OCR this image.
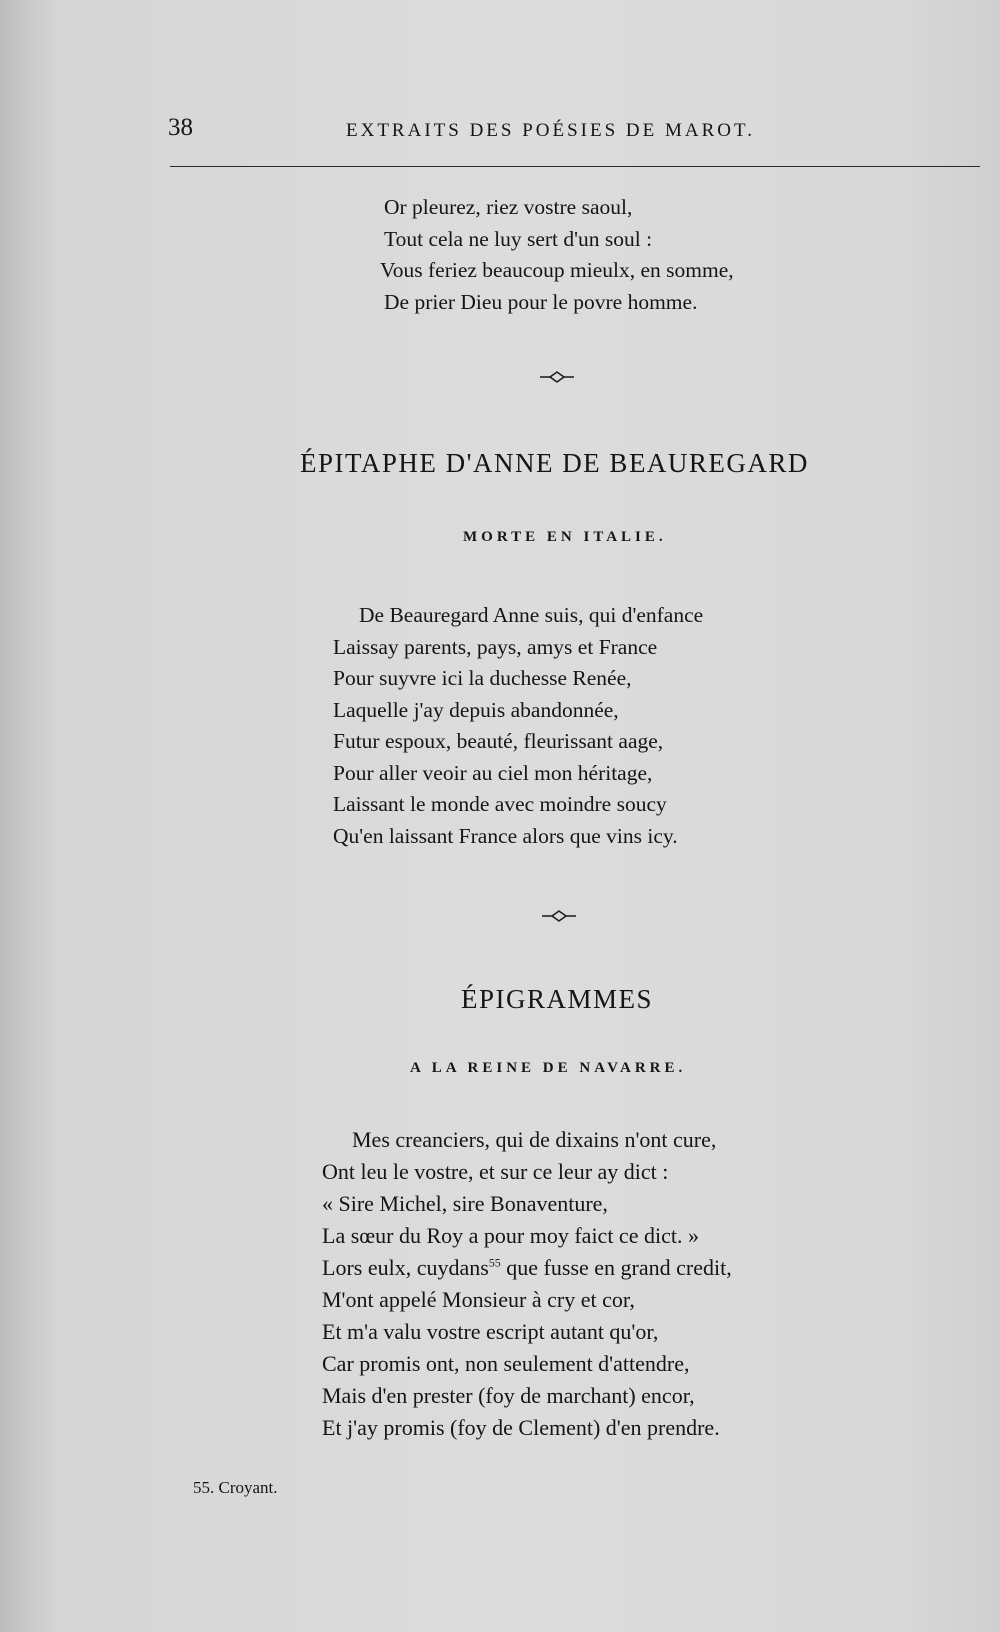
38	EXTRAITS DES POÉSIES DE MAROT.
Or pleurez, riez vostre saoul,
Tout cela ne luy sert d'un soul :
Vous feriez beaucoup mieulx, en somme,
De prier Dieu pour le povre homme.
ÉPITAPHE D'ANNE DE BEAUREGARD
MORTE EN ITALIE.
De Beauregard Anne suis, qui d'enfance
Laissay parents, pays, amys et France
Pour suyvre ici la duchesse Renée,
Laquelle j'ay depuis abandonnée,
Futur espoux, beauté, fleurissant aage,
Pour aller veoir au ciel mon héritage,
Laissant le monde avec moindre soucy
Qu'en laissant France alors que vins icy.
ÉPIGRAMMES
A LA REINE DE NAVARRE.
Mes creanciers, qui de dixains n'ont cure,
Ont leu le vostre, et sur ce leur ay dict :
« Sire Michel, sire Bonaventure,
La sœur du Roy a pour moy faict ce dict. »
Lors eulx, cuydans$^{55}$ que fusse en grand credit,
M'ont appelé Monsieur à cry et cor,
Et m'a valu vostre escript autant qu'or,
Car promis ont, non seulement d'attendre,
Mais d'en prester (foy de marchant) encor,
Et j'ay promis (foy de Clement) d'en prendre.
55. Croyant.
